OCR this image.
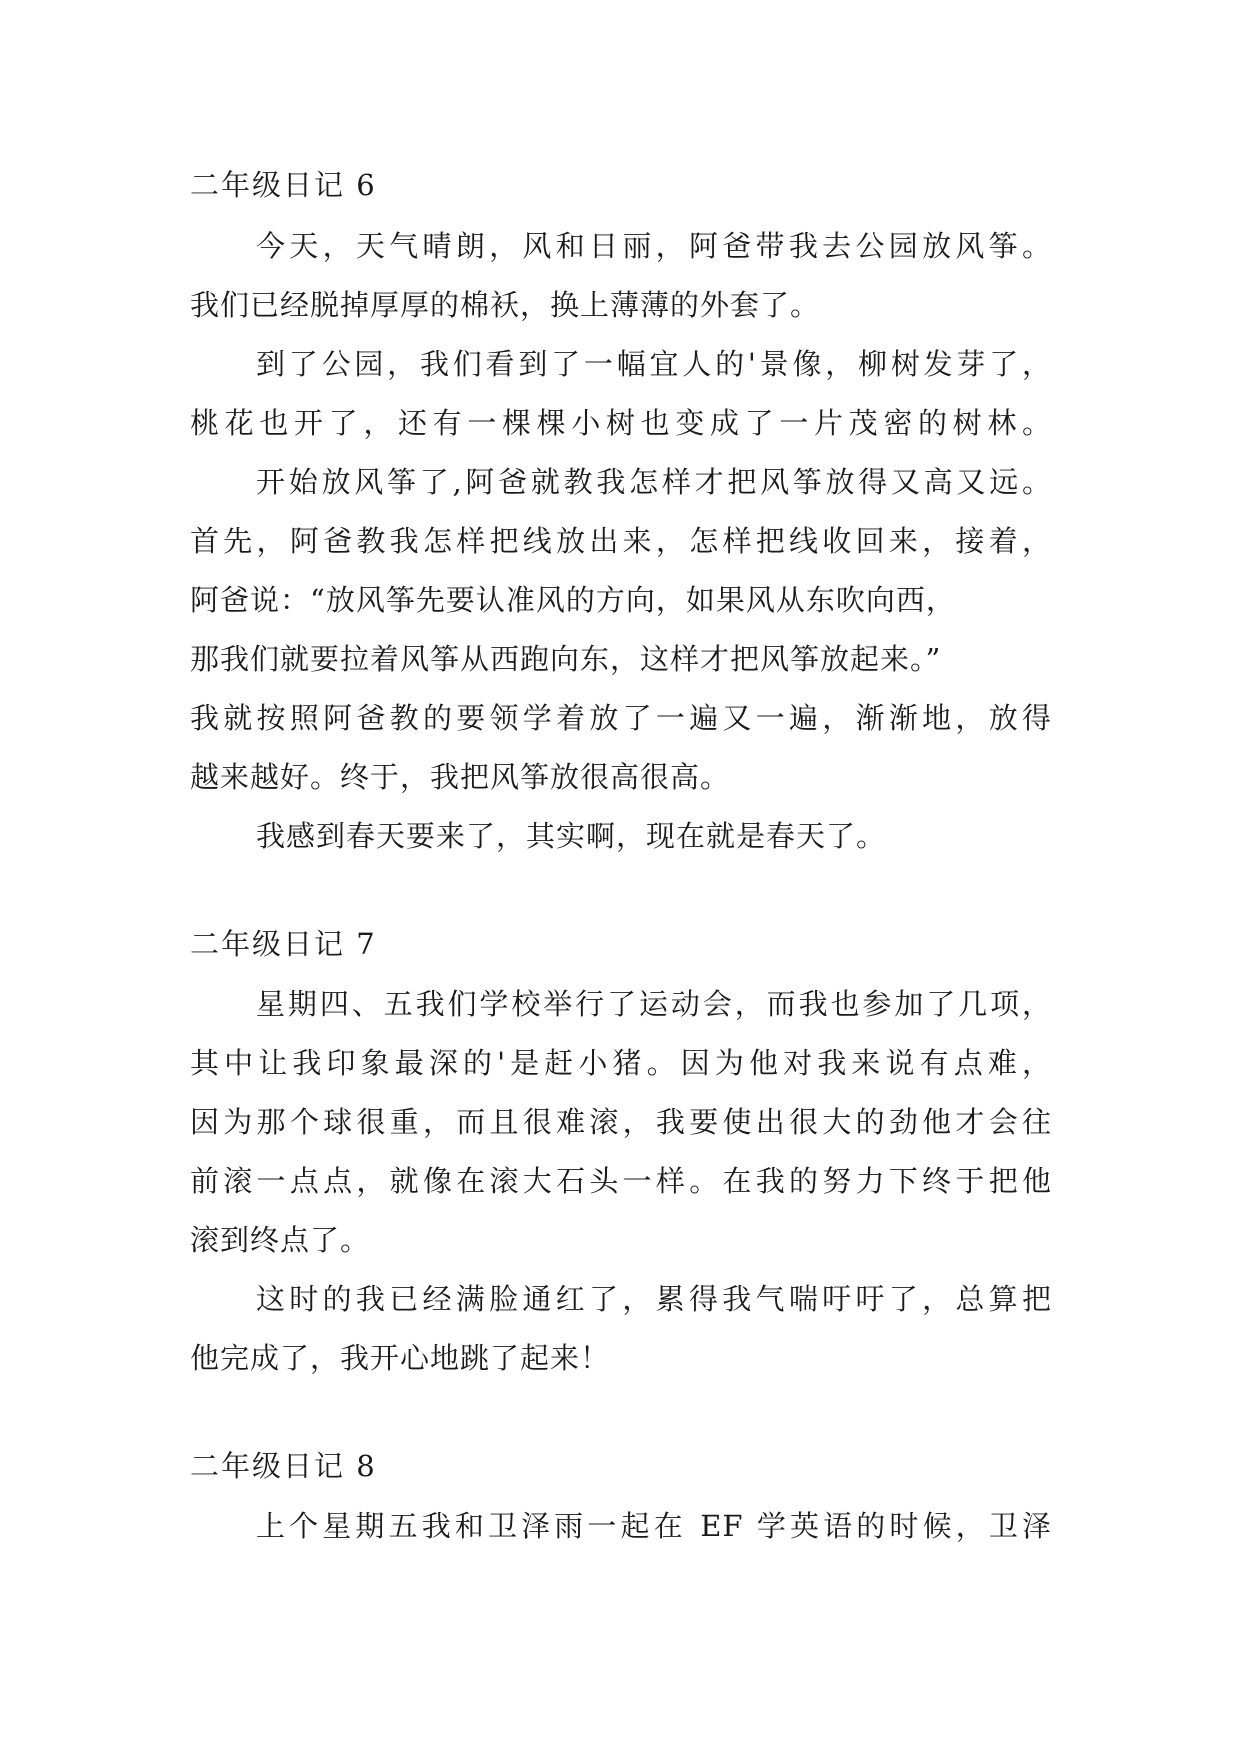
二年级日记 6
今天，天气晴朗，风和日丽，阿爸带我去公园放风筝。
我们已经脱掉厚厚的棉袄，换上薄薄的外套了。
到了公园，我们看到了一幅宜人的'景像，柳树发芽了，
桃花也开了，还有一棵棵小树也变成了一片茂密的树林。
开始放风筝了,阿爸就教我怎样才把风筝放得又高又远。
首先，阿爸教我怎样把线放出来，怎样把线收回来，接着，
阿爸说：“放风筝先要认准风的方向，如果风从东吹向西，
那我们就要拉着风筝从西跑向东，这样才把风筝放起来。”
我就按照阿爸教的要领学着放了一遍又一遍，渐渐地，放得
越来越好。终于，我把风筝放很高很高。
我感到春天要来了，其实啊，现在就是春天了。
二年级日记 7
星期四、五我们学校举行了运动会，而我也参加了几项，
其中让我印象最深的'是赶小猪。因为他对我来说有点难，
因为那个球很重，而且很难滚，我要使出很大的劲他才会往
前滚一点点，就像在滚大石头一样。在我的努力下终于把他
滚到终点了。
这时的我已经满脸通红了，累得我气喘吁吁了，总算把
他完成了，我开心地跳了起来！
二年级日记 8
上个星期五我和卫泽雨一起在 EF 学英语的时候，卫泽
